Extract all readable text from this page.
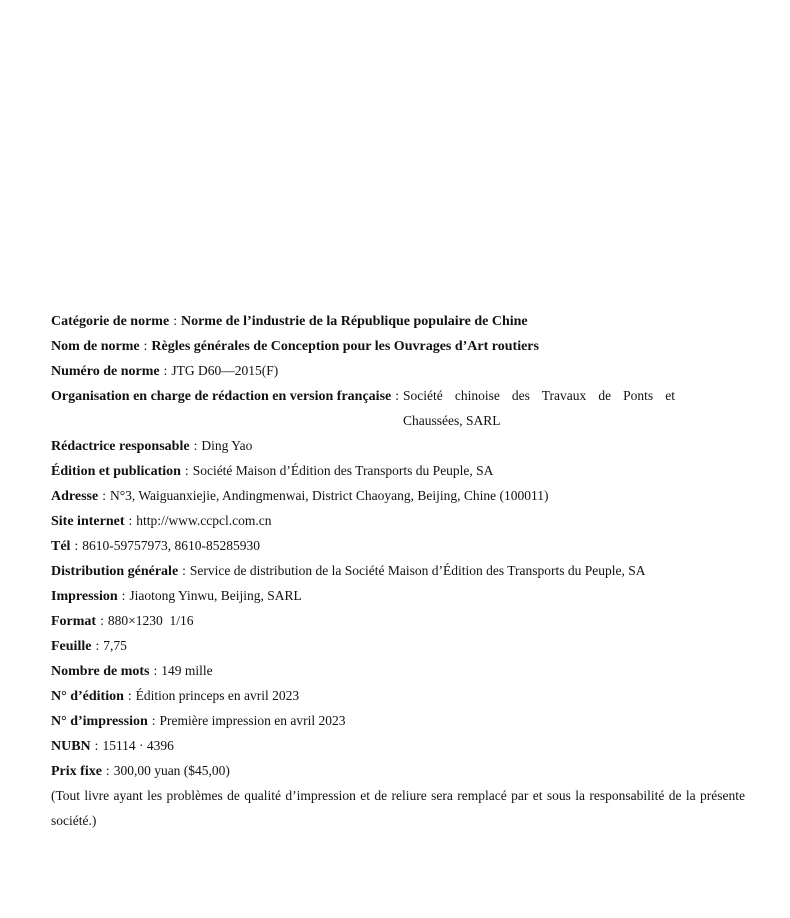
Catégorie de norme : Norme de l’industrie de la République populaire de Chine
Nom de norme : Règles générales de Conception pour les Ouvrages d’Art routiers
Numéro de norme : JTG D60—2015(F)
Organisation en charge de rédaction en version française : Société chinoise des Travaux de Ponts et Chaussées, SARL
Rédactrice responsable : Ding Yao
Édition et publication : Société Maison d’Édition des Transports du Peuple, SA
Adresse : N°3, Waiguanxiejie, Andingmenwai, District Chaoyang, Beijing, Chine (100011)
Site internet : http://www.ccpcl.com.cn
Tél : 8610-59757973, 8610-85285930
Distribution générale : Service de distribution de la Société Maison d’Édition des Transports du Peuple, SA
Impression : Jiaotong Yinwu, Beijing, SARL
Format : 880×1230  1/16
Feuille : 7,75
Nombre de mots : 149 mille
N° d’édition : Édition princeps en avril 2023
N° d’impression : Première impression en avril 2023
NUBN : 15114 · 4396
Prix fixe : 300,00 yuan ($45,00)
(Tout livre ayant les problèmes de qualité d’impression et de reliure sera remplacé par et sous la responsabilité de la présente société.)
